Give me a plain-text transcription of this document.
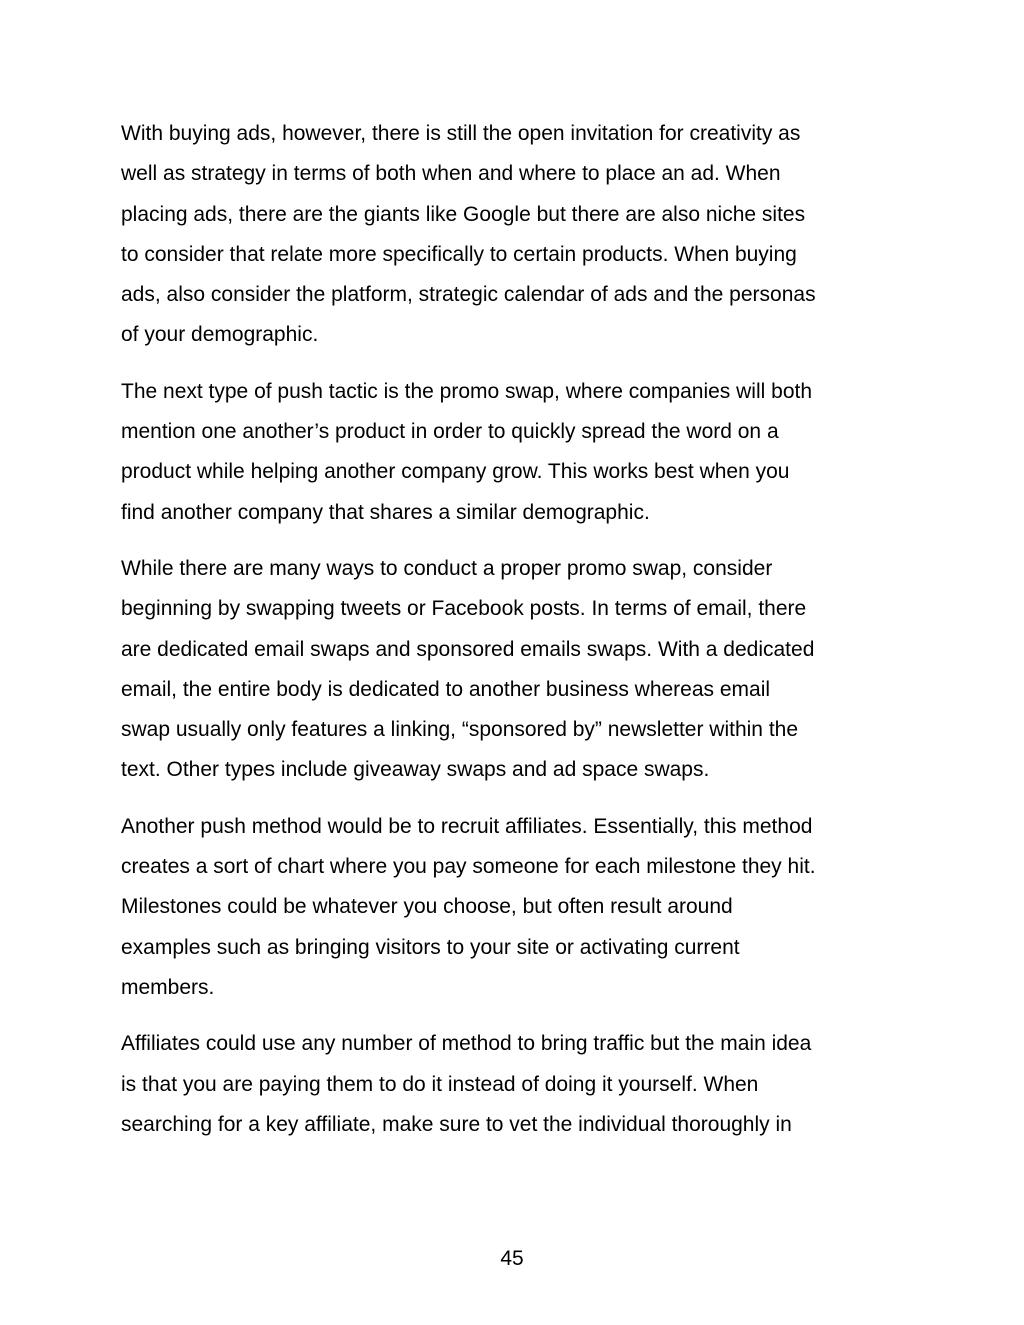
With buying ads, however, there is still the open invitation for creativity as
well as strategy in terms of both when and where to place an ad. When
placing ads, there are the giants like Google but there are also niche sites
to consider that relate more specifically to certain products. When buying
ads, also consider the platform, strategic calendar of ads and the personas
of your demographic.

The next type of push tactic is the promo swap, where companies will both
mention one another’s product in order to quickly spread the word on a
product while helping another company grow. This works best when you
find another company that shares a similar demographic.

While there are many ways to conduct a proper promo swap, consider
beginning by swapping tweets or Facebook posts. In terms of email, there
are dedicated email swaps and sponsored emails swaps. With a dedicated
email, the entire body is dedicated to another business whereas email
swap usually only features a linking, “sponsored by” newsletter within the
text. Other types include giveaway swaps and ad space swaps.

Another push method would be to recruit affiliates. Essentially, this method
creates a sort of chart where you pay someone for each milestone they hit.
Milestones could be whatever you choose, but often result around
examples such as bringing visitors to your site or activating current
members.

Affiliates could use any number of method to bring traffic but the main idea
is that you are paying them to do it instead of doing it yourself. When
searching for a key affiliate, make sure to vet the individual thoroughly in

45
